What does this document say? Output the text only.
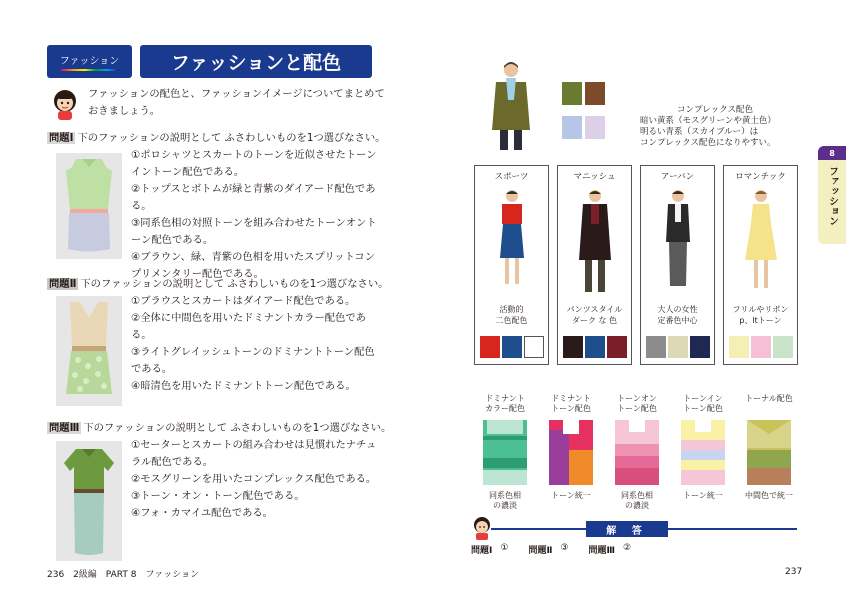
ファッション	ファッションと配色
ファッションの配色と、ファッションイメージについてまとめておきましょう。
問題Ⅰ 下のファッションの説明として ふさわしいものを1つ選びなさい。
①ポロシャツとスカートのトーンを近似させたトーンイントーン配色である。
②トップスとボトムが緑と青紫のダイアード配色である。
③同系色相の対照トーンを組み合わせたトーンオントーン配色である。
④ブラウン、緑、青紫の色相を用いたスプリットコンプリメンタリー配色である。
問題Ⅱ 下のファッションの説明として ふさわしいものを1つ選びなさい。
①ブラウスとスカートはダイアード配色である。
②全体に中間色を用いたドミナントカラー配色である。
③ライトグレイッシュトーンのドミナントトーン配色である。
④暗清色を用いたドミナントトーン配色である。
問題Ⅲ 下のファッションの説明として ふさわしいものを1つ選びなさい。
①セーターとスカートの組み合わせは見慣れたナチュラル配色である。
②モスグリーンを用いたコンプレックス配色である。
③トーン・オン・トーン配色である。
④フォ・カマイユ配色である。
236 2級編　PART 8　ファッション
8
ファッション
コンプレックス配色
暗い黄系（モスグリーンや黄土色）
明るい青系（スカイブルー）は
コンプレックス配色になりやすい。
スポーツ
活動的
二色配色
マニッシュ
パンツスタイル
ダーク な 色
アーバン
大人の女性
定番色中心
ロマンチック
フリルやリボン
p、ltトーン
ドミナント
カラー配色
同系色相
の濃淡
ドミナント
トーン配色
トーン統一
トーンオン
トーン配色
同系色相
の濃淡
トーンイン
トーン配色
トーン統一
トーナル配色
中間色で統一
解 答
問題Ⅰ ① 問題Ⅱ ③ 問題Ⅲ ②
237
